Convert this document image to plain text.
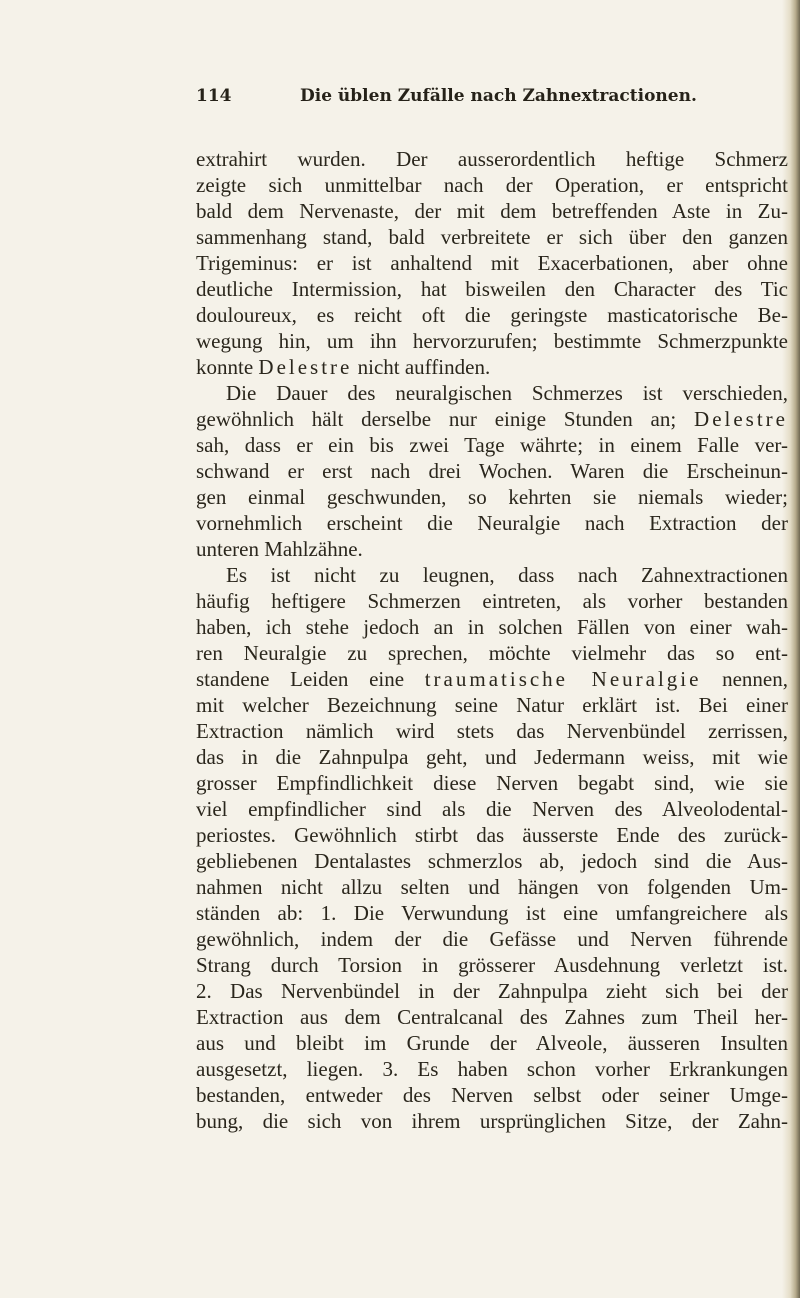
114	Die üblen Zufälle nach Zahnextractionen.
extrahirt wurden. Der ausserordentlich heftige Schmerz
zeigte sich unmittelbar nach der Operation, er entspricht
bald dem Nervenaste, der mit dem betreffenden Aste in Zu-
sammenhang stand, bald verbreitete er sich über den ganzen
Trigeminus: er ist anhaltend mit Exacerbationen, aber ohne
deutliche Intermission, hat bisweilen den Character des Tic
douloureux, es reicht oft die geringste masticatorische Be-
wegung hin, um ihn hervorzurufen; bestimmte Schmerzpunkte
konnte Delestre nicht auffinden.
Die Dauer des neuralgischen Schmerzes ist verschieden,
gewöhnlich hält derselbe nur einige Stunden an; Delestre
sah, dass er ein bis zwei Tage währte; in einem Falle ver-
schwand er erst nach drei Wochen. Waren die Erscheinun-
gen einmal geschwunden, so kehrten sie niemals wieder;
vornehmlich erscheint die Neuralgie nach Extraction der
unteren Mahlzähne.
Es ist nicht zu leugnen, dass nach Zahnextractionen
häufig heftigere Schmerzen eintreten, als vorher bestanden
haben, ich stehe jedoch an in solchen Fällen von einer wah-
ren Neuralgie zu sprechen, möchte vielmehr das so ent-
standene Leiden eine traumatische Neuralgie nennen,
mit welcher Bezeichnung seine Natur erklärt ist. Bei einer
Extraction nämlich wird stets das Nervenbündel zerrissen,
das in die Zahnpulpa geht, und Jedermann weiss, mit wie
grosser Empfindlichkeit diese Nerven begabt sind, wie sie
viel empfindlicher sind als die Nerven des Alveolodental-
periostes. Gewöhnlich stirbt das äusserste Ende des zurück-
gebliebenen Dentalastes schmerzlos ab, jedoch sind die Aus-
nahmen nicht allzu selten und hängen von folgenden Um-
ständen ab: 1. Die Verwundung ist eine umfangreichere als
gewöhnlich, indem der die Gefässe und Nerven führende
Strang durch Torsion in grösserer Ausdehnung verletzt ist.
2. Das Nervenbündel in der Zahnpulpa zieht sich bei der
Extraction aus dem Centralcanal des Zahnes zum Theil her-
aus und bleibt im Grunde der Alveole, äusseren Insulten
ausgesetzt, liegen. 3. Es haben schon vorher Erkrankungen
bestanden, entweder des Nerven selbst oder seiner Umge-
bung, die sich von ihrem ursprünglichen Sitze, der Zahn-
